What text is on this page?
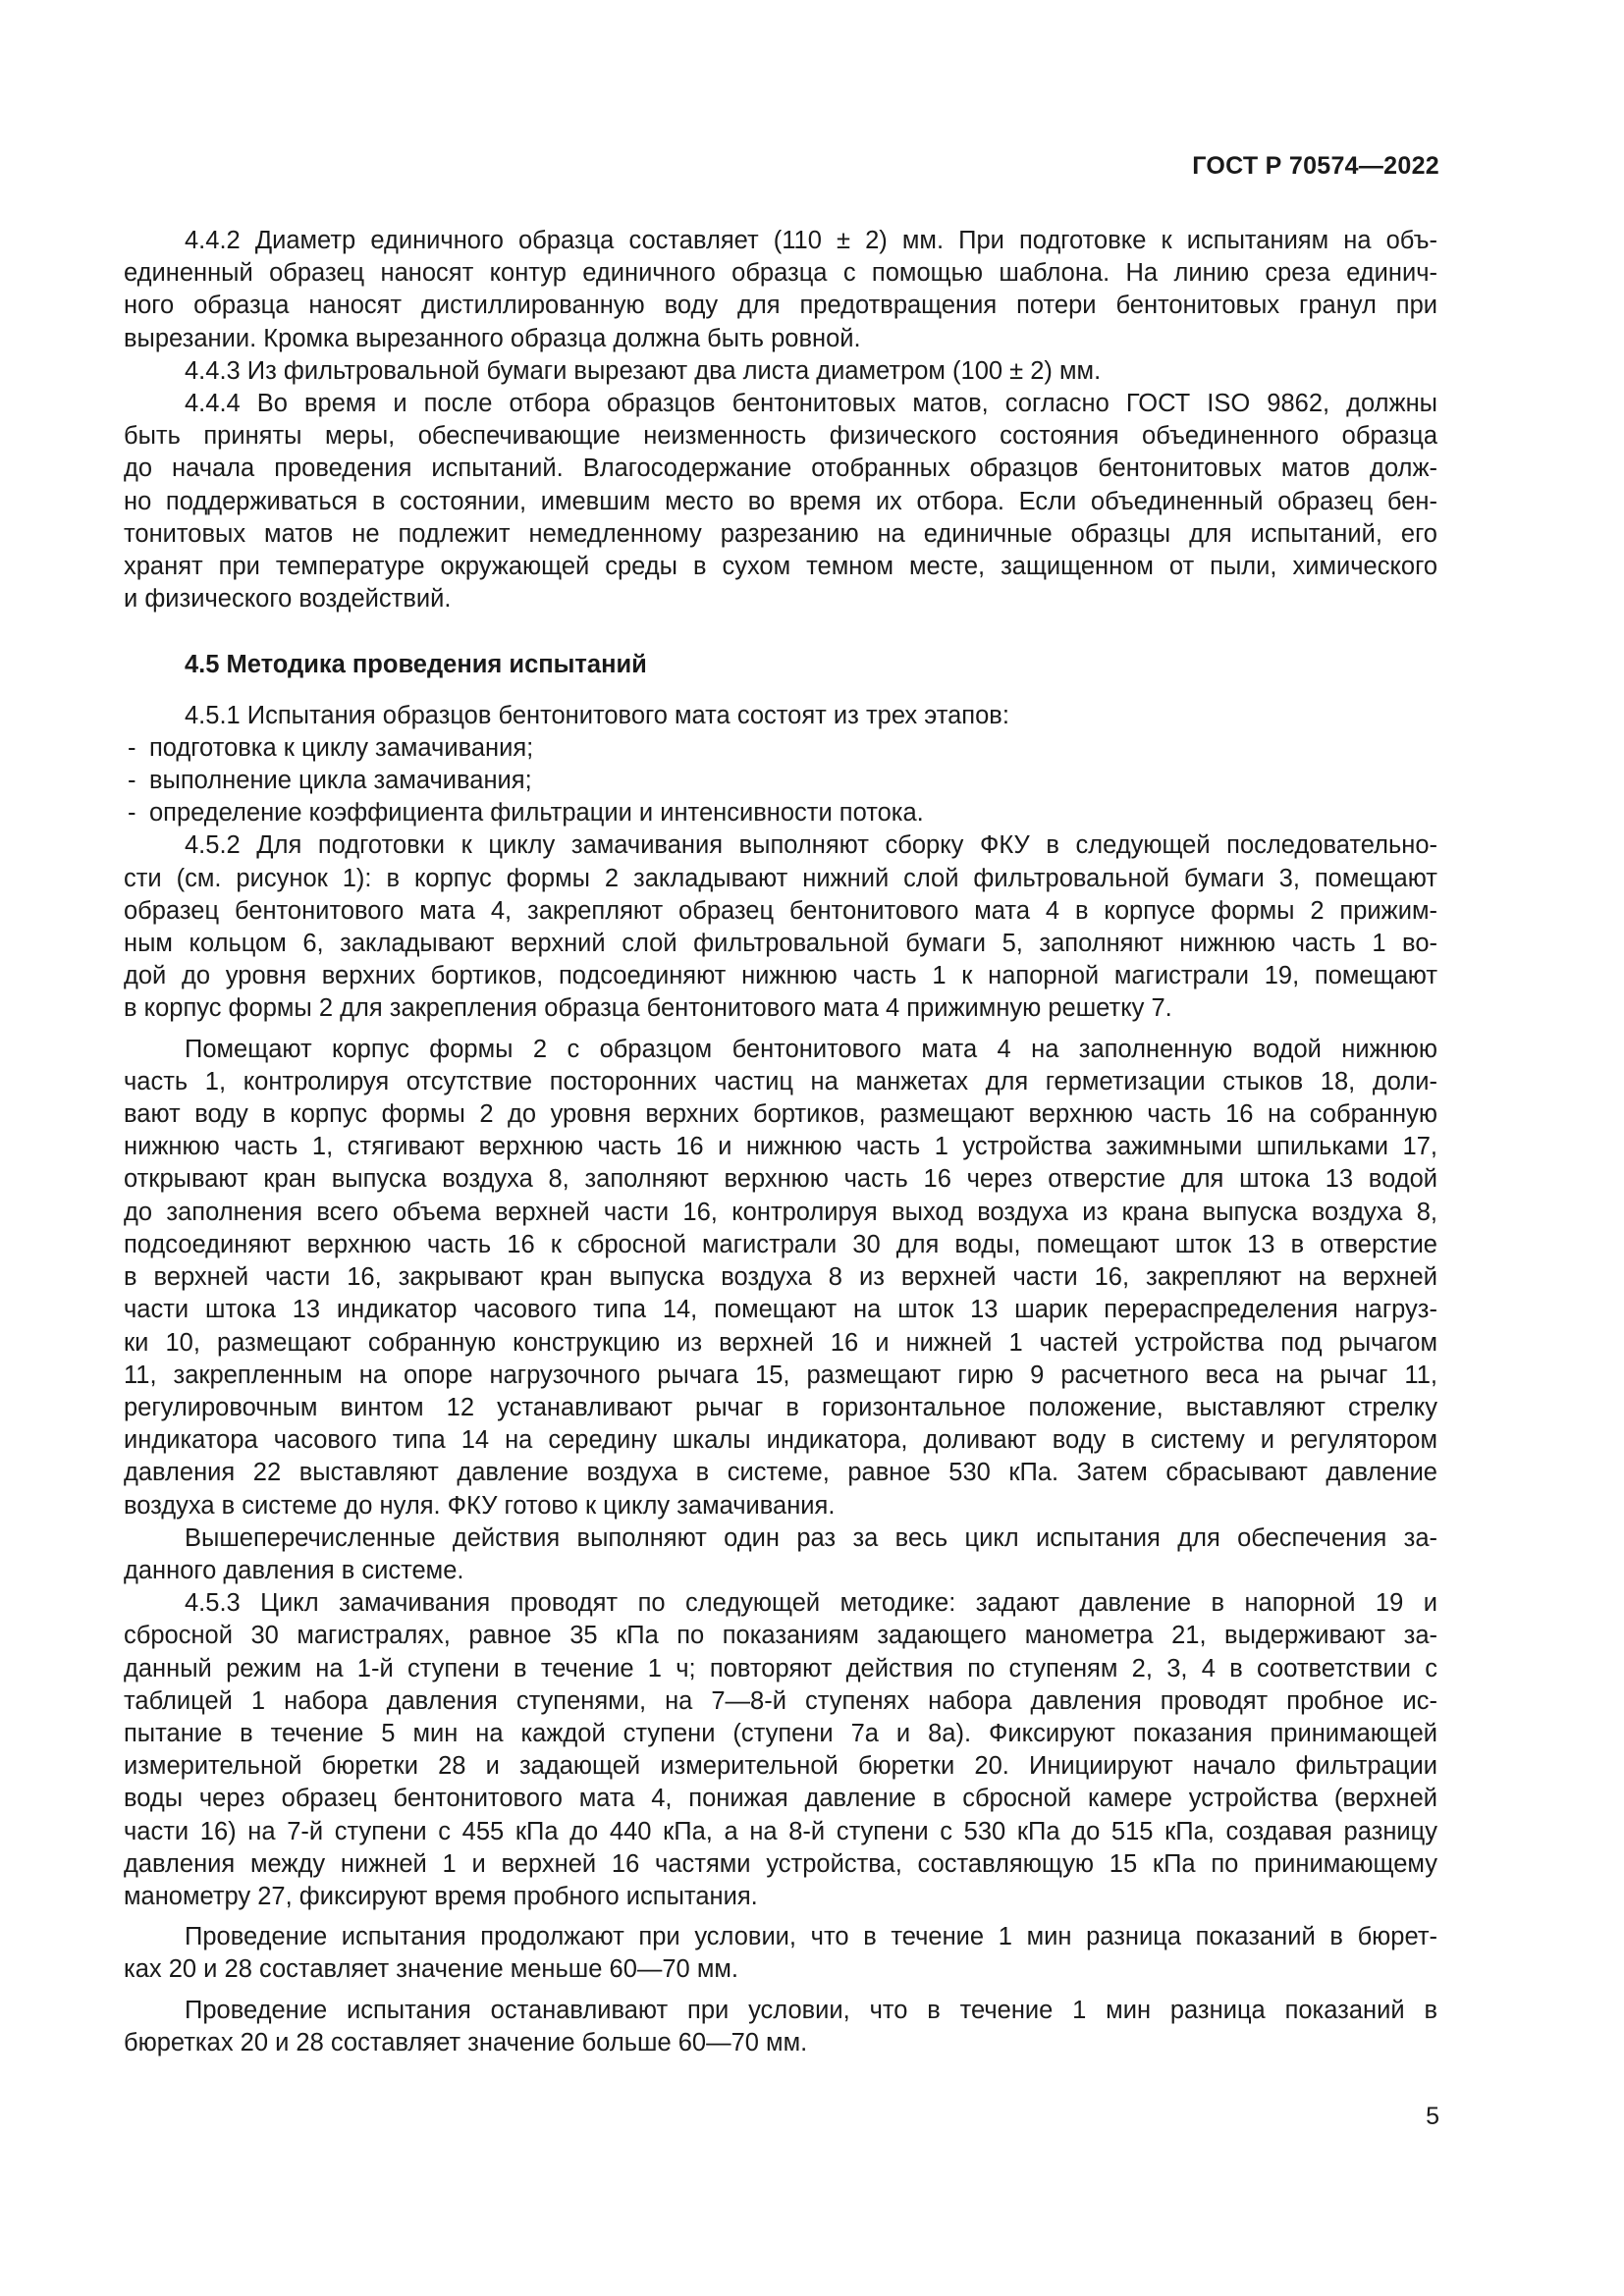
ГОСТ Р 70574—2022
4.4.2 Диаметр единичного образца составляет (110 ± 2) мм. При подготовке к испытаниям на объ-
единенный образец наносят контур единичного образца с помощью шаблона. На линию среза единич-
ного образца наносят дистиллированную воду для предотвращения потери бентонитовых гранул при
вырезании. Кромка вырезанного образца должна быть ровной.
4.4.3 Из фильтровальной бумаги вырезают два листа диаметром (100 ± 2) мм.
4.4.4 Во время и после отбора образцов бентонитовых матов, согласно ГОСТ ISO 9862, должны
быть приняты меры, обеспечивающие неизменность физического состояния объединенного образца
до начала проведения испытаний. Влагосодержание отобранных образцов бентонитовых матов долж-
но поддерживаться в состоянии, имевшим место во время их отбора. Если объединенный образец бен-
тонитовых матов не подлежит немедленному разрезанию на единичные образцы для испытаний, его
хранят при температуре окружающей среды в сухом темном месте, защищенном от пыли, химического
и физического воздействий.
4.5 Методика проведения испытаний
4.5.1 Испытания образцов бентонитового мата состоят из трех этапов:
- подготовка к циклу замачивания;
- выполнение цикла замачивания;
- определение коэффициента фильтрации и интенсивности потока.
4.5.2 Для подготовки к циклу замачивания выполняют сборку ФКУ в следующей последовательно-
сти (см. рисунок 1): в корпус формы 2 закладывают нижний слой фильтровальной бумаги 3, помещают
образец бентонитового мата 4, закрепляют образец бентонитового мата 4 в корпусе формы 2 прижим-
ным кольцом 6, закладывают верхний слой фильтровальной бумаги 5, заполняют нижнюю часть 1 во-
дой до уровня верхних бортиков, подсоединяют нижнюю часть 1 к напорной магистрали 19, помещают
в корпус формы 2 для закрепления образца бентонитового мата 4 прижимную решетку 7.
Помещают корпус формы 2 с образцом бентонитового мата 4 на заполненную водой нижнюю
часть 1, контролируя отсутствие посторонних частиц на манжетах для герметизации стыков 18, доли-
вают воду в корпус формы 2 до уровня верхних бортиков, размещают верхнюю часть 16 на собранную
нижнюю часть 1, стягивают верхнюю часть 16 и нижнюю часть 1 устройства зажимными шпильками 17,
открывают кран выпуска воздуха 8, заполняют верхнюю часть 16 через отверстие для штока 13 водой
до заполнения всего объема верхней части 16, контролируя выход воздуха из крана выпуска воздуха 8,
подсоединяют верхнюю часть 16 к сбросной магистрали 30 для воды, помещают шток 13 в отверстие
в верхней части 16, закрывают кран выпуска воздуха 8 из верхней части 16, закрепляют на верхней
части штока 13 индикатор часового типа 14, помещают на шток 13 шарик перераспределения нагруз-
ки 10, размещают собранную конструкцию из верхней 16 и нижней 1 частей устройства под рычагом
11, закрепленным на опоре нагрузочного рычага 15, размещают гирю 9 расчетного веса на рычаг 11,
регулировочным винтом 12 устанавливают рычаг в горизонтальное положение, выставляют стрелку
индикатора часового типа 14 на середину шкалы индикатора, доливают воду в систему и регулятором
давления 22 выставляют давление воздуха в системе, равное 530 кПа. Затем сбрасывают давление
воздуха в системе до нуля. ФКУ готово к циклу замачивания.
Вышеперечисленные действия выполняют один раз за весь цикл испытания для обеспечения за-
данного давления в системе.
4.5.3 Цикл замачивания проводят по следующей методике: задают давление в напорной 19 и
сбросной 30 магистралях, равное 35 кПа по показаниям задающего манометра 21, выдерживают за-
данный режим на 1-й ступени в течение 1 ч; повторяют действия по ступеням 2, 3, 4 в соответствии с
таблицей 1 набора давления ступенями, на 7—8-й ступенях набора давления проводят пробное ис-
пытание в течение 5 мин на каждой ступени (ступени 7а и 8а). Фиксируют показания принимающей
измерительной бюретки 28 и задающей измерительной бюретки 20. Инициируют начало фильтрации
воды через образец бентонитового мата 4, понижая давление в сбросной камере устройства (верхней
части 16) на 7-й ступени с 455 кПа до 440 кПа, а на 8-й ступени с 530 кПа до 515 кПа, создавая разницу
давления между нижней 1 и верхней 16 частями устройства, составляющую 15 кПа по принимающему
манометру 27, фиксируют время пробного испытания.
Проведение испытания продолжают при условии, что в течение 1 мин разница показаний в бюрет-
ках 20 и 28 составляет значение меньше 60—70 мм.
Проведение испытания останавливают при условии, что в течение 1 мин разница показаний в
бюретках 20 и 28 составляет значение больше 60—70 мм.
5
